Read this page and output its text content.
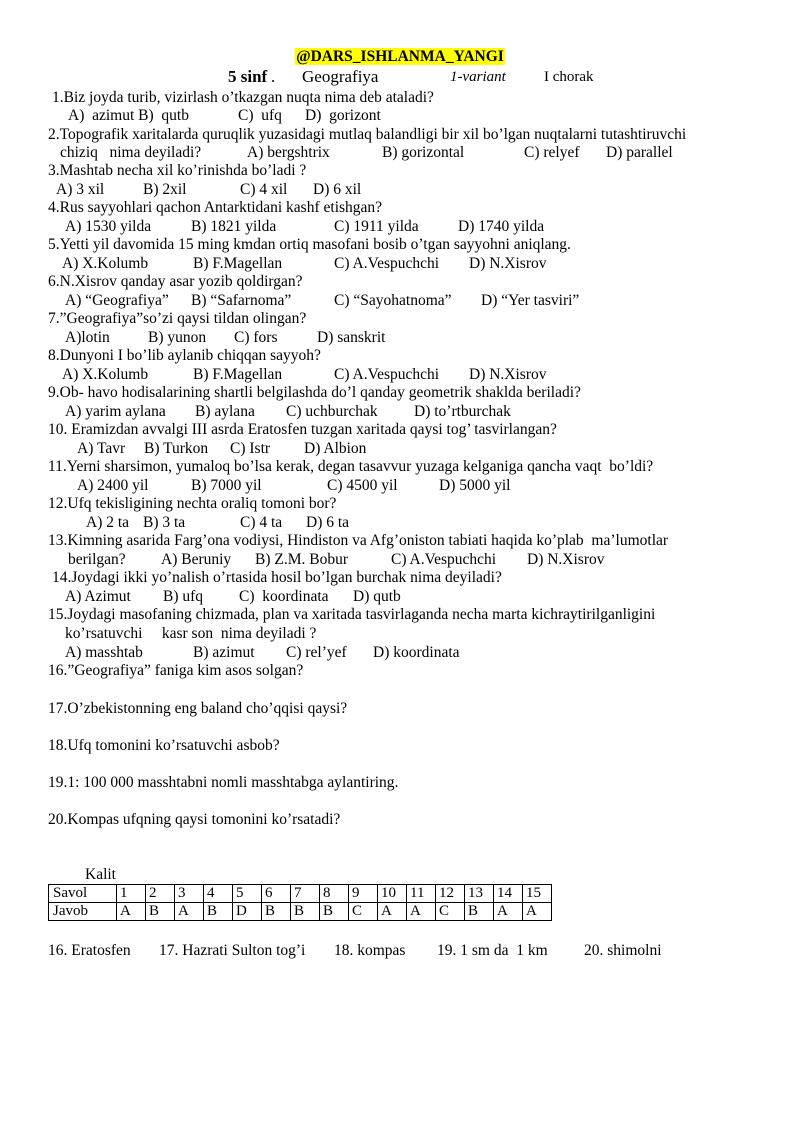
@DARS_ISHLANMA_YANGI
5 sinf . Geografiya	1-variant	I chorak
1.Biz joyda turib, vizirlash o’tkazgan nuqta nima deb ataladi?
A)  azimut B)  qutb	C)  ufq D)  gorizont
2.Topografik xaritalarda quruqlik yuzasidagi mutlaq balandligi bir xil bo’lgan nuqtalarni tutashtiruvchi
chiziq   nima deyiladi?	A) bergshtrix	B) gorizontal	C) relyef D) parallel
3.Mashtab necha xil ko’rinishda bo’ladi ?
A) 3 xil	B) 2xil	C) 4 xil D) 6 xil
4.Rus sayyohlari qachon Antarktidani kashf etishgan?
A) 1530 yilda	B) 1821 yilda	C) 1911 yilda	D) 1740 yilda
5.Yetti yil davomida 15 ming kmdan ortiq masofani bosib o’tgan sayyohni aniqlang.
A) X.Kolumb	B) F.Magellan	C) A.Vespuchchi D) N.Xisrov
6.N.Xisrov qanday asar yozib qoldirgan?
A) “Geografiya” B) “Safarnoma”	C) “Sayohatnoma” D) “Yer tasviri”
7.”Geografiya”so’zi qaysi tildan olingan?
A)lotin B) yunon C) fors	D) sanskrit
8.Dunyoni I bo’lib aylanib chiqqan sayyoh?
A) X.Kolumb	B) F.Magellan	C) A.Vespuchchi D) N.Xisrov
9.Ob- havo hodisalarining shartli belgilashda do’l qanday geometrik shaklda beriladi?
A) yarim aylana B) aylana C) uchburchak D) to’rtburchak
10. Eramizdan avvalgi III asrda Eratosfen tuzgan xaritada qaysi tog’ tasvirlangan?
A) Tavr B) Turkon C) Istr D) Albion
11.Yerni sharsimon, yumaloq bo’lsa kerak, degan tasavvur yuzaga kelganiga qancha vaqt  bo’ldi?
A) 2400 yil	B) 7000 yil	C) 4500 yil	D) 5000 yil
12.Ufq tekisligining nechta oraliq tomoni bor?
A) 2 ta B) 3 ta	C) 4 ta D) 6 ta
13.Kimning asarida Farg’ona vodiysi, Hindiston va Afg’oniston tabiati haqida ko’plab  ma’lumotlar
berilgan? A) Beruniy B) Z.M. Bobur	C) A.Vespuchchi D) N.Xisrov
14.Joydagi ikki yo’nalish o’rtasida hosil bo’lgan burchak nima deyiladi?
A) Azimut B) ufq C)  koordinata D) qutb
15.Joydagi masofaning chizmada, plan va xaritada tasvirlaganda necha marta kichraytirilganligini
ko’rsatuvchi     kasr son  nima deyiladi ?
A) masshtab	B) azimut C) rel’yef D) koordinata
16.”Geografiya” faniga kim asos solgan?
17.O’zbekistonning eng baland cho’qqisi qaysi?
18.Ufq tomonini ko’rsatuvchi asbob?
19.1: 100 000 masshtabni nomli masshtabga aylantiring.
20.Kompas ufqning qaysi tomonini ko’rsatadi?
Kalit
Savol	1	2	3	4	5	6	7	8	9	10	11	12	13	14	15
Javob	A	B	A	B	D	B	B	B	C	A	A	C	B	A	A
16. Eratosfen 17. Hazrati Sulton tog’i 18. kompas 19. 1 sm da  1 km 20. shimolni
